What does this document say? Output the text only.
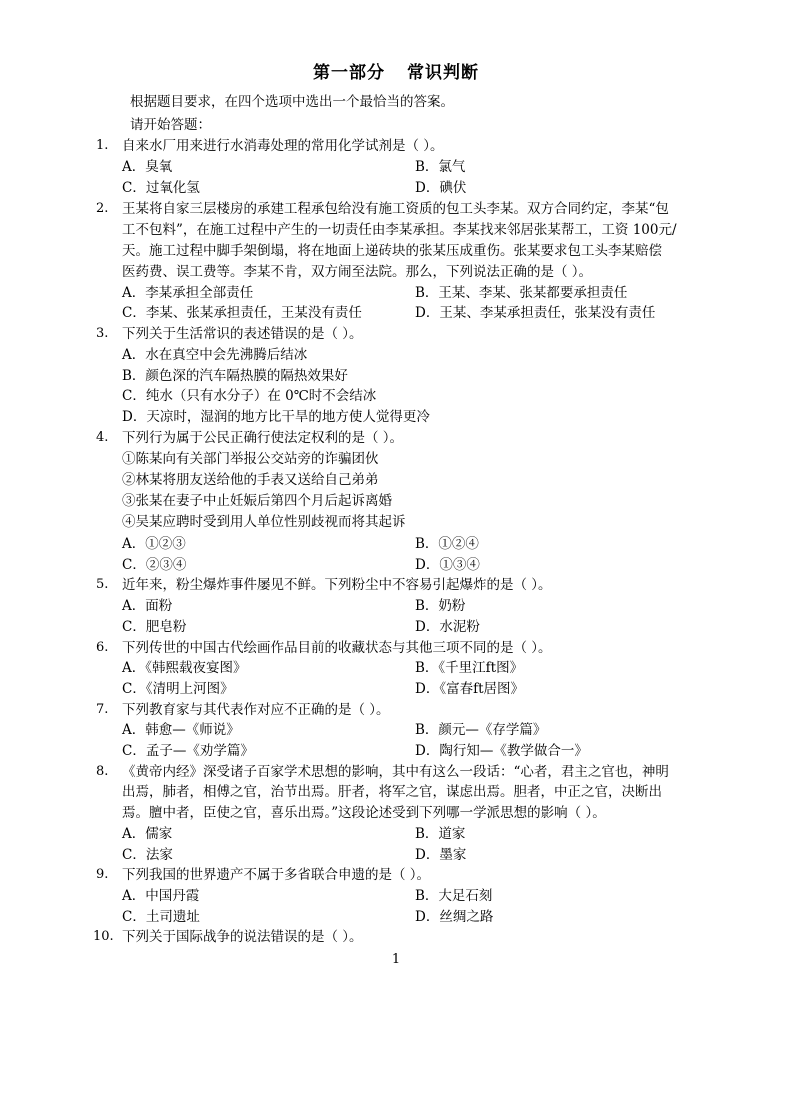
第一部分 常识判断
根据题目要求，在四个选项中选出一个最恰当的答案。
请开始答题：
1. 自来水厂用来进行水消毒处理的常用化学试剂是（ ）。
A．臭氧	B．氯气
C．过氧化氢	D．碘伏
2. 王某将自家三层楼房的承建工程承包给没有施工资质的包工头李某。双方合同约定，李某“包
工不包料”，在施工过程中产生的一切责任由李某承担。李某找来邻居张某帮工，工资 100元/
天。施工过程中脚手架倒塌，将在地面上递砖块的张某压成重伤。张某要求包工头李某赔偿
医药费、误工费等。李某不肯，双方闹至法院。那么，下列说法正确的是（ ）。
A．李某承担全部责任	B．王某、李某、张某都要承担责任
C．李某、张某承担责任，王某没有责任	D．王某、李某承担责任，张某没有责任
3. 下列关于生活常识的表述错误的是（ ）。
A．水在真空中会先沸腾后结冰
B．颜色深的汽车隔热膜的隔热效果好
C．纯水（只有水分子）在 0℃时不会结冰
D．天凉时，湿润的地方比干旱的地方使人觉得更冷
4. 下列行为属于公民正确行使法定权利的是（ ）。
①陈某向有关部门举报公交站旁的诈骗团伙
②林某将朋友送给他的手表又送给自己弟弟
③张某在妻子中止妊娠后第四个月后起诉离婚
④吴某应聘时受到用人单位性别歧视而将其起诉
A．①②③	B．①②④
C．②③④	D．①③④
5. 近年来，粉尘爆炸事件屡见不鲜。下列粉尘中不容易引起爆炸的是（ ）。
A．面粉	B．奶粉
C．肥皂粉	D．水泥粉
6. 下列传世的中国古代绘画作品目前的收藏状态与其他三项不同的是（ ）。
A．《韩熙载夜宴图》	B．《千里江ft图》
C．《清明上河图》	D．《富春ft居图》
7. 下列教育家与其代表作对应不正确的是（ ）。
A．韩愈—《师说》	B．颜元—《存学篇》
C．孟子—《劝学篇》	D．陶行知—《教学做合一》
8. 《黄帝内经》深受诸子百家学术思想的影响，其中有这么一段话：“心者，君主之官也，神明
出焉，肺者，相傅之官，治节出焉。肝者，将军之官，谋虑出焉。胆者，中正之官，决断出
焉。膻中者，臣使之官，喜乐出焉。”这段论述受到下列哪一学派思想的影响（ ）。
A．儒家	B．道家
C．法家	D．墨家
9. 下列我国的世界遗产不属于多省联合申遗的是（ ）。
A．中国丹霞	B．大足石刻
C．土司遗址	D．丝绸之路
10. 下列关于国际战争的说法错误的是（ ）。
1
